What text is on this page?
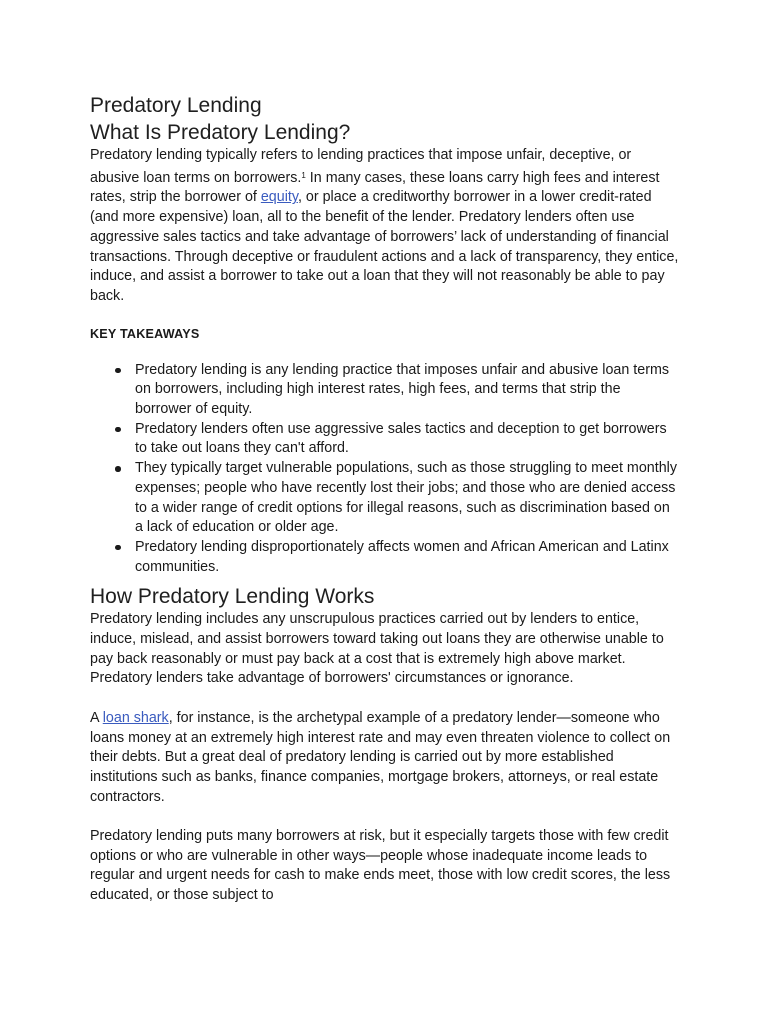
Predatory Lending
What Is Predatory Lending?

Predatory lending typically refers to lending practices that impose unfair, deceptive, or abusive loan terms on borrowers.$^1$ In many cases, these loans carry high fees and interest rates, strip the borrower of equity, or place a creditworthy borrower in a lower credit-rated (and more expensive) loan, all to the benefit of the lender. Predatory lenders often use aggressive sales tactics and take advantage of borrowers’ lack of understanding of financial transactions. Through deceptive or fraudulent actions and a lack of transparency, they entice, induce, and assist a borrower to take out a loan that they will not reasonably be able to pay back.

KEY TAKEAWAYS
Predatory lending is any lending practice that imposes unfair and abusive loan terms on borrowers, including high interest rates, high fees, and terms that strip the borrower of equity.
Predatory lenders often use aggressive sales tactics and deception to get borrowers to take out loans they can't afford.
They typically target vulnerable populations, such as those struggling to meet monthly expenses; people who have recently lost their jobs; and those who are denied access to a wider range of credit options for illegal reasons, such as discrimination based on a lack of education or older age.
Predatory lending disproportionately affects women and African American and Latinx communities.
How Predatory Lending Works

Predatory lending includes any unscrupulous practices carried out by lenders to entice, induce, mislead, and assist borrowers toward taking out loans they are otherwise unable to pay back reasonably or must pay back at a cost that is extremely high above market. Predatory lenders take advantage of borrowers' circumstances or ignorance.

A loan shark, for instance, is the archetypal example of a predatory lender—someone who loans money at an extremely high interest rate and may even threaten violence to collect on their debts. But a great deal of predatory lending is carried out by more established institutions such as banks, finance companies, mortgage brokers, attorneys, or real estate contractors.

Predatory lending puts many borrowers at risk, but it especially targets those with few credit options or who are vulnerable in other ways—people whose inadequate income leads to regular and urgent needs for cash to make ends meet, those with low credit scores, the less educated, or those subject to
